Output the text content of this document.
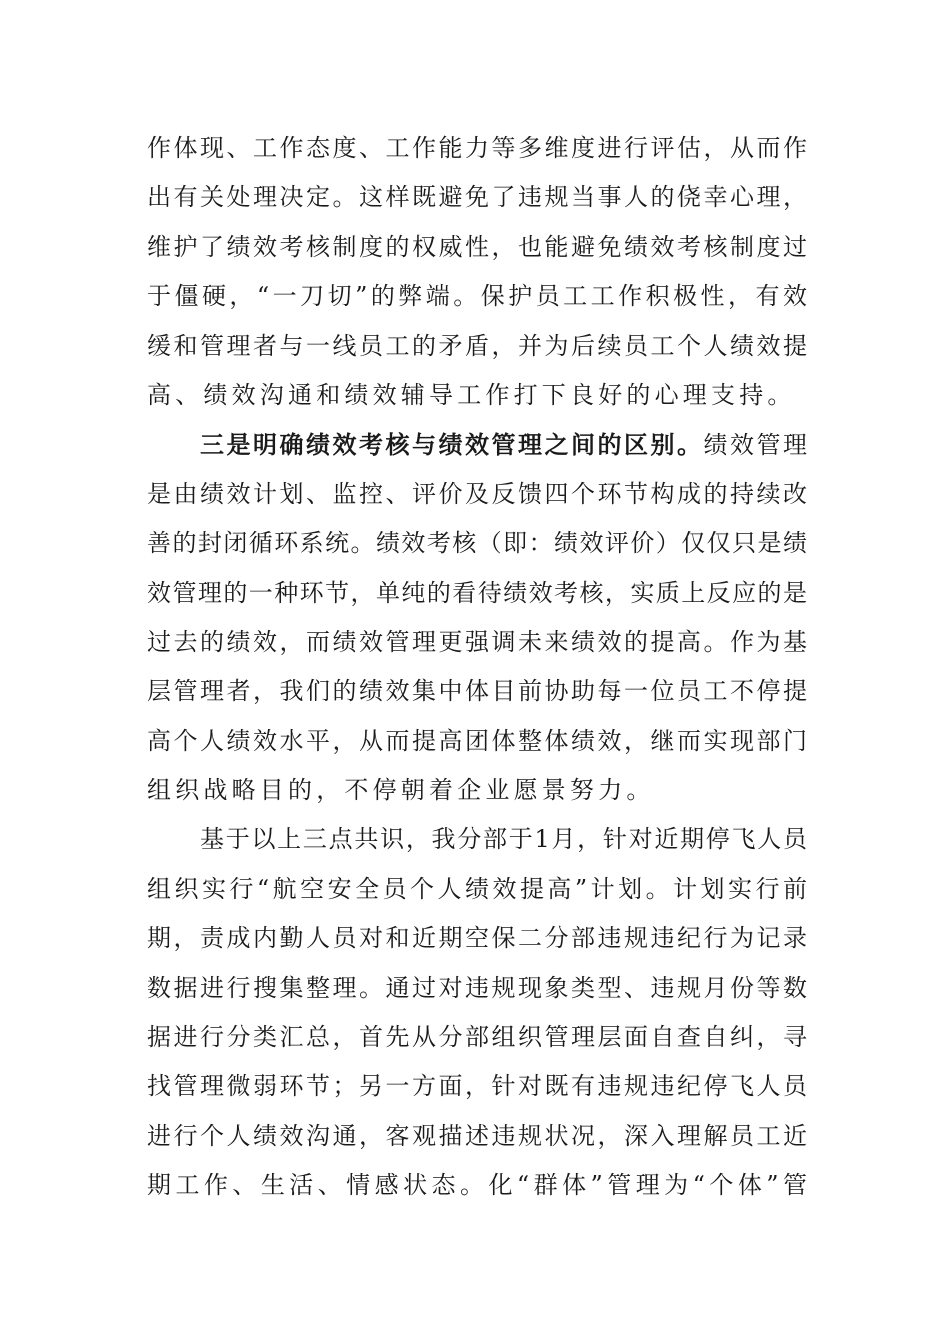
作体现、工作态度、工作能力等多维度进行评估，从而作
出有关处理决定。这样既避免了违规当事人的侥幸心理，
维护了绩效考核制度的权威性，也能避免绩效考核制度过
于僵硬，“一刀切”的弊端。保护员工工作积极性，有效
缓和管理者与一线员工的矛盾，并为后续员工个人绩效提
高、绩效沟通和绩效辅导工作打下良好的心理支持。
三是明确绩效考核与绩效管理之间的区别。绩效管理
是由绩效计划、监控、评价及反馈四个环节构成的持续改
善的封闭循环系统。绩效考核（即：绩效评价）仅仅只是绩
效管理的一种环节，单纯的看待绩效考核，实质上反应的是
过去的绩效，而绩效管理更强调未来绩效的提高。作为基
层管理者，我们的绩效集中体目前协助每一位员工不停提
高个人绩效水平，从而提高团体整体绩效，继而实现部门
组织战略目的，不停朝着企业愿景努力。
基于以上三点共识，我分部于1月，针对近期停飞人员
组织实行“航空安全员个人绩效提高”计划。计划实行前
期，责成内勤人员对和近期空保二分部违规违纪行为记录
数据进行搜集整理。通过对违规现象类型、违规月份等数
据进行分类汇总，首先从分部组织管理层面自查自纠，寻
找管理微弱环节；另一方面，针对既有违规违纪停飞人员
进行个人绩效沟通，客观描述违规状况，深入理解员工近
期工作、生活、情感状态。化“群体”管理为“个体”管
